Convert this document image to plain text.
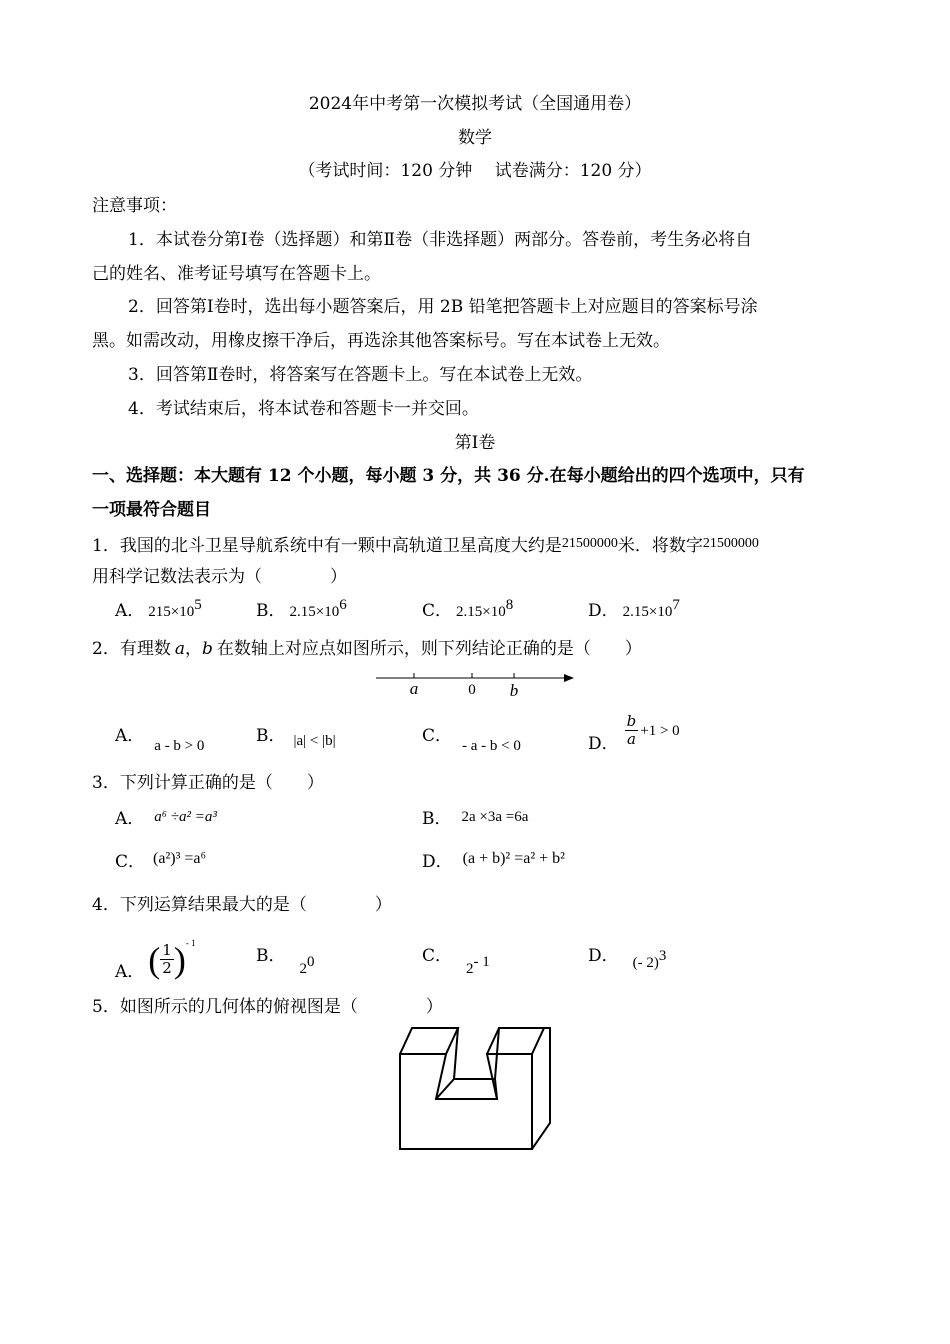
2024年中考第一次模拟考试（全国通用卷）
数学
（考试时间：120 分钟　 试卷满分：120 分）
注意事项：
1．本试卷分第Ⅰ卷（选择题）和第Ⅱ卷（非选择题）两部分。答卷前，考生务必将自
己的姓名、准考证号填写在答题卡上。
2．回答第Ⅰ卷时，选出每小题答案后，用 2B 铅笔把答题卡上对应题目的答案标号涂
黑。如需改动，用橡皮擦干净后，再选涂其他答案标号。写在本试卷上无效。
3．回答第Ⅱ卷时，将答案写在答题卡上。写在本试卷上无效。
4．考试结束后，将本试卷和答题卡一并交回。
第Ⅰ卷
一、选择题：本大题有 12 个小题，每小题 3 分，共 36 分.在每小题给出的四个选项中，只有
一项最符合题目
1．我国的北斗卫星导航系统中有一颗中高轨道卫星高度大约是$^{21500000}$米．将数字$^{21500000}$
用科学记数法表示为（　　　　）
A． $215\times 10^5$	B． $2.15\times 10^6$	C． $2.15\times 10^8$	D． $2.15\times 10^7$
2．有理数 a，b 在数轴上对应点如图所示，则下列结论正确的是（　　）
a	0 b
A． a - b > 0	B． |a| < |b|	C． - a - b < 0	D． $\frac{b}{a} +1 > 0$
3．下列计算正确的是（　　）
A． a⁶ ÷a² =a³	B． 2a ×3a =6a
C． (a²)³ =a⁶	D． (a + b)² =a² + b²
4．下列运算结果最大的是（　　　　）
A． ( $\frac{1}{2} )^{- 1}$
B．$2^0$	C．$2^{- 1}$	D． (- 2)$^3$
5．如图所示的几何体的俯视图是（　　　　）
